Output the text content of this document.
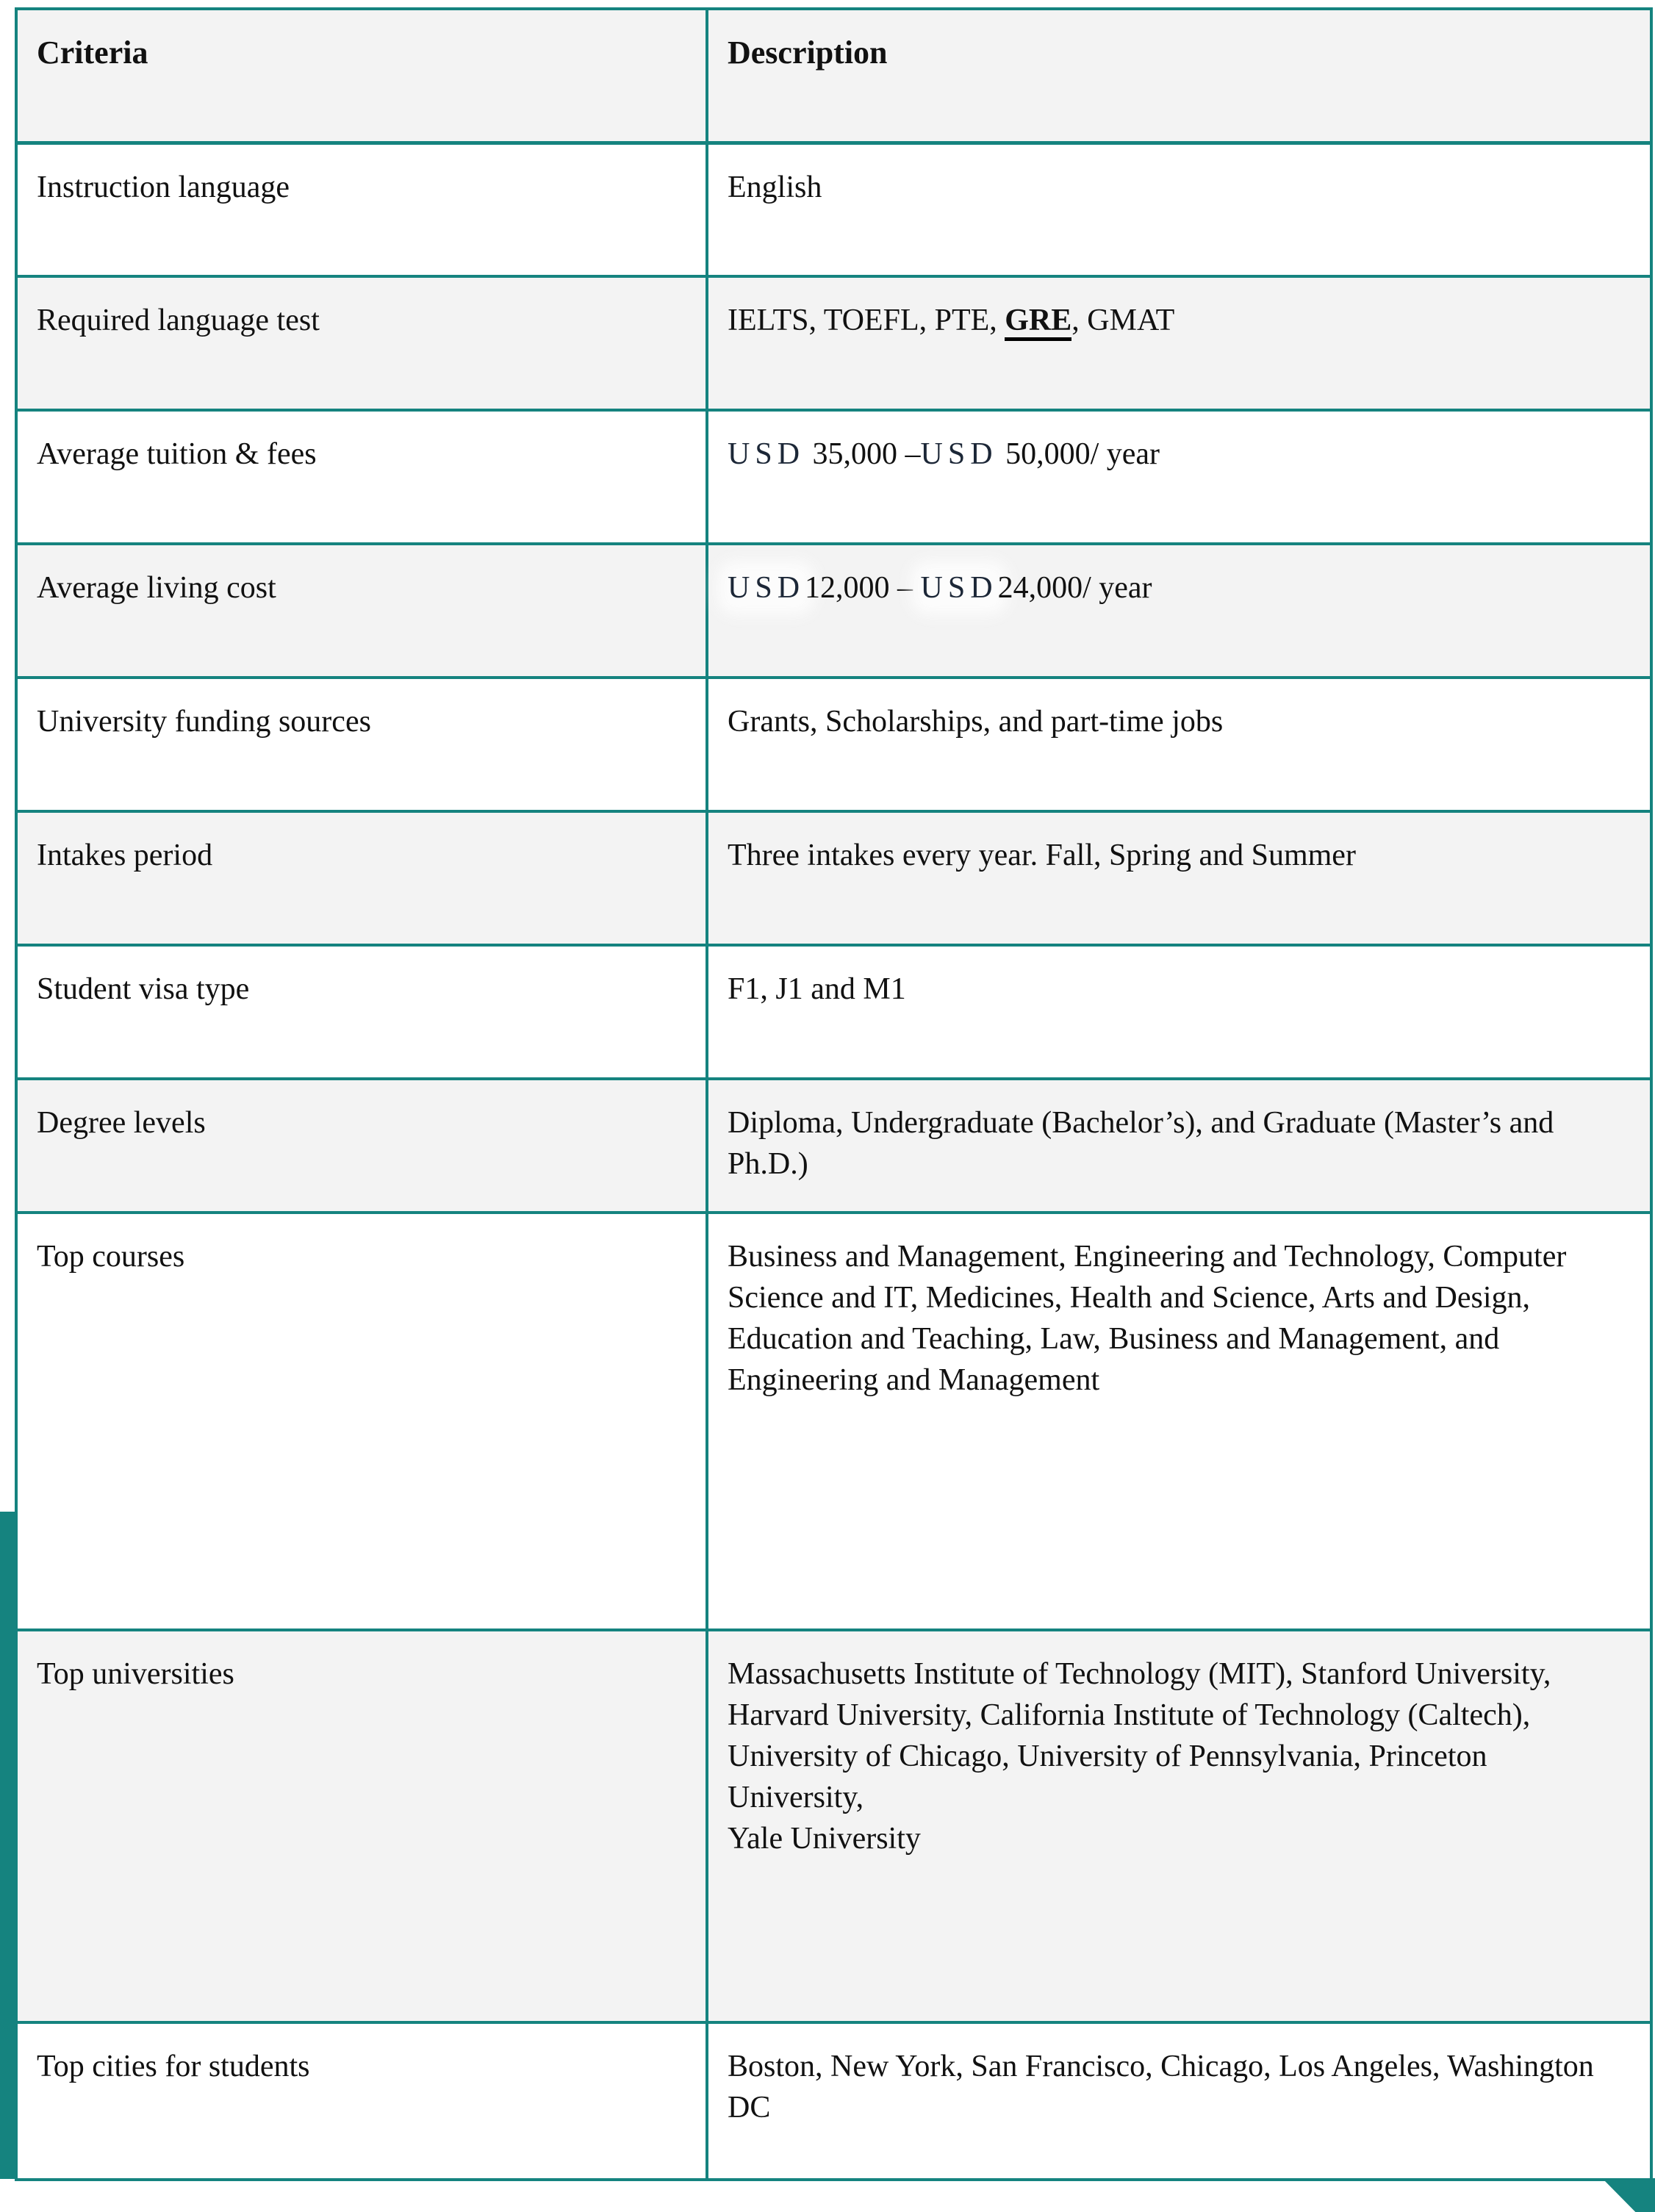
Criteria	Description
Instruction language	English
Required language test	IELTS, TOEFL, PTE, GRE, GMAT
Average tuition & fees	USD 35,000 –USD 50,000/ year
Average living cost	USD12,000 – USD24,000/ year
University funding sources	Grants, Scholarships, and part-time jobs
Intakes period	Three intakes every year. Fall, Spring and Summer
Student visa type	F1, J1 and M1
Degree levels	Diploma, Undergraduate (Bachelor’s), and Graduate (Master’s and Ph.D.)
Top courses	Business and Management, Engineering and Technology, Computer
Science and IT, Medicines, Health and Science, Arts and Design,
Education and Teaching, Law, Business and Management, and
Engineering and Management

Top universities	Massachusetts Institute of Technology (MIT), Stanford University,
Harvard University, California Institute of Technology (Caltech),
University of Chicago, University of Pennsylvania, Princeton University,
Yale University

Top cities for students	Boston, New York, San Francisco, Chicago, Los Angeles, Washington DC
